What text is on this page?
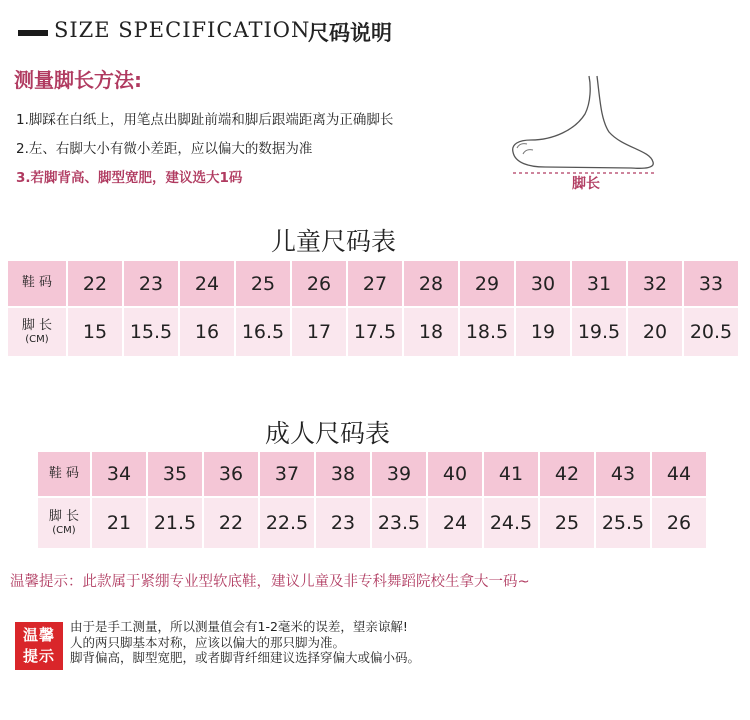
SIZE SPECIFICATION
尺码说明
测量脚长方法:
1.脚踩在白纸上，用笔点出脚趾前端和脚后跟端距离为正确脚长
2.左、右脚大小有微小差距，应以偏大的数据为准
3.若脚背高、脚型宽肥，建议选大1码	脚长
儿童尺码表
鞋 码	22	23	24	25	26	27	28	29	30	31	32	33
脚 长
(CM)	15	15.5	16	16.5	17	17.5	18	18.5	19	19.5	20	20.5
成人尺码表
鞋 码	34	35	36	37	38	39	40	41	42	43	44
脚 长
(CM)	21	21.5	22	22.5	23	23.5	24	24.5	25	25.5	26
温馨提示：此款属于紧绷专业型软底鞋，建议儿童及非专科舞蹈院校生拿大一码~
温馨
提示
由于是手工测量，所以测量值会有1-2毫米的误差，望亲谅解!
人的两只脚基本对称，应该以偏大的那只脚为准。
脚背偏高，脚型宽肥，或者脚背纤细建议选择穿偏大或偏小码。
